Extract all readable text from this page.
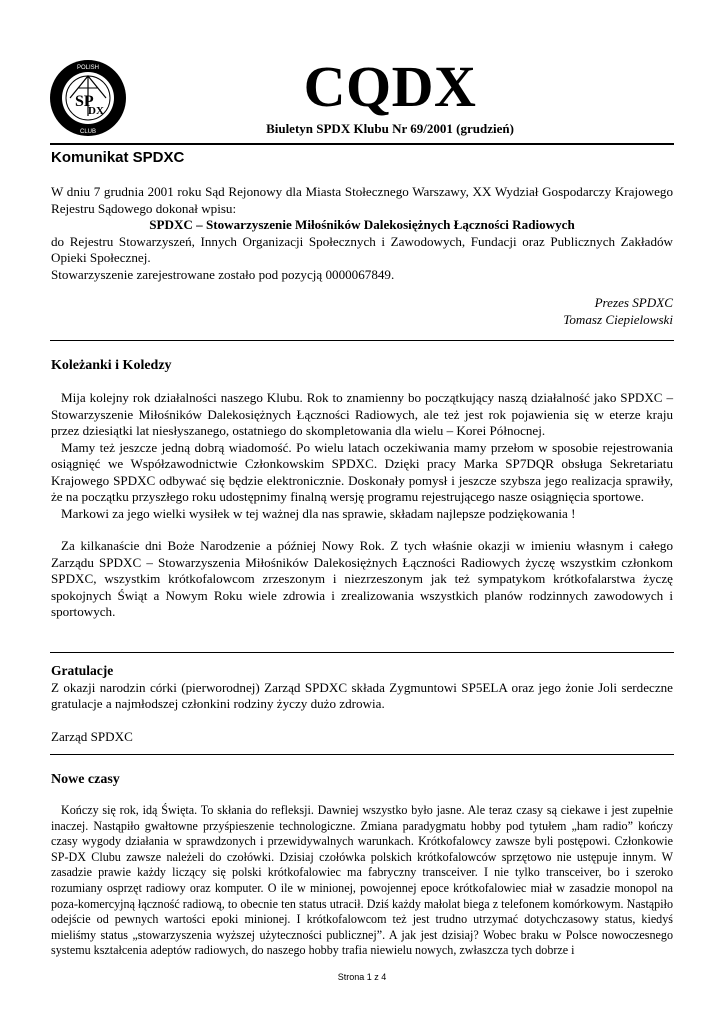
SP
DX
POLISH
CLUB
CQDX
Biuletyn SPDX Klubu Nr 69/2001 (grudzień)
Komunikat SPDXC

W dniu 7 grudnia 2001 roku Sąd Rejonowy dla Miasta Stołecznego Warszawy, XX Wydział Gospodarczy Krajowego Rejestru Sądowego dokonał wpisu:

SPDXC – Stowarzyszenie Miłośników Dalekosiężnych Łączności Radiowych

do Rejestru Stowarzyszeń, Innych Organizacji Społecznych i Zawodowych, Fundacji oraz Publicznych Zakładów Opieki Społecznej.

Stowarzyszenie zarejestrowane zostało pod pozycją 0000067849.

Prezes SPDXC

Tomasz Ciepielowski

Koleżanki i Koledzy

Mija kolejny rok działalności naszego Klubu. Rok to znamienny bo początkujący naszą działalność jako SPDXC – Stowarzyszenie Miłośników Dalekosiężnych Łączności Radiowych, ale też jest rok pojawienia się w eterze kraju przez dziesiątki lat niesłyszanego, ostatniego do skompletowania dla wielu – Korei Północnej.

Mamy też jeszcze jedną dobrą wiadomość. Po wielu latach oczekiwania mamy przełom w sposobie rejestrowania osiągnięć we Współzawodnictwie Członkowskim SPDXC. Dzięki pracy Marka SP7DQR obsługa Sekretariatu Krajowego SPDXC odbywać się będzie elektronicznie. Doskonały pomysł i jeszcze szybsza jego realizacja sprawiły, że na początku przyszłego roku udostępnimy finalną wersję programu rejestrującego nasze osiągnięcia sportowe.

Markowi za jego wielki wysiłek w tej ważnej dla nas sprawie, składam najlepsze podziękowania !

Za kilkanaście dni Boże Narodzenie a później Nowy Rok. Z tych właśnie okazji w imieniu własnym i całego Zarządu SPDXC – Stowarzyszenia Miłośników Dalekosiężnych Łączności Radiowych życzę wszystkim członkom SPDXC, wszystkim krótkofalowcom zrzeszonym i niezrzeszonym jak też sympatykom krótkofalarstwa życzę spokojnych Świąt a Nowym Roku wiele zdrowia i zrealizowania wszystkich planów rodzinnych zawodowych i sportowych.

Gratulacje

Z okazji narodzin córki (pierworodnej) Zarząd SPDXC składa Zygmuntowi SP5ELA oraz jego żonie Joli serdeczne gratulacje a najmłodszej członkini rodziny życzy dużo zdrowia.

Zarząd SPDXC

Nowe czasy

Kończy się rok, idą Święta. To skłania do refleksji. Dawniej wszystko było jasne. Ale teraz czasy są ciekawe i jest zupełnie inaczej. Nastąpiło gwałtowne przyśpieszenie technologiczne. Zmiana paradygmatu hobby pod tytułem „ham radio” kończy czasy wygody działania w sprawdzonych i przewidywalnych warunkach. Krótkofalowcy zawsze byli postępowi. Członkowie SP-DX Clubu zawsze należeli do czołówki. Dzisiaj czołówka polskich krótkofalowców sprzętowo nie ustępuje innym. W zasadzie prawie każdy liczący się polski krótkofalowiec ma fabryczny transceiver. I nie tylko transceiver, bo i szeroko rozumiany osprzęt radiowy oraz komputer. O ile w minionej, powojennej epoce krótkofalowiec miał w zasadzie monopol na poza-komercyjną łączność radiową, to obecnie ten status utracił. Dziś każdy małolat biega z telefonem komórkowym. Nastąpiło odejście od pewnych wartości epoki minionej. I krótkofalowcom też jest trudno utrzymać dotychczasowy status, kiedyś mieliśmy status „stowarzyszenia wyższej użyteczności publicznej”. A jak jest dzisiaj? Wobec braku w Polsce nowoczesnego systemu kształcenia adeptów radiowych, do naszego hobby trafia niewielu nowych, zwłaszcza tych dobrze i

Strona 1 z 4
